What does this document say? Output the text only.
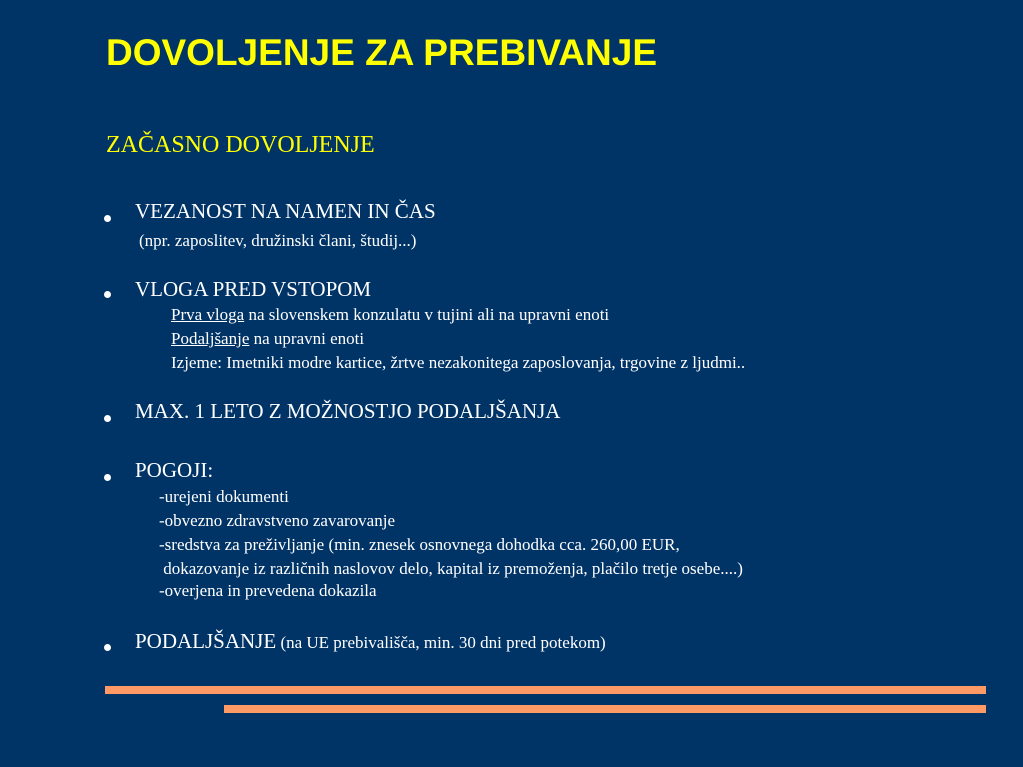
DOVOLJENJE ZA PREBIVANJE
ZAČASNO DOVOLJENJE
VEZANOST NA NAMEN IN ČAS
(npr. zaposlitev, družinski člani, študij...)
VLOGA PRED VSTOPOM
Prva vloga na slovenskem konzulatu v tujini ali na upravni enoti
Podaljšanje na upravni enoti
Izjeme: Imetniki modre kartice, žrtve nezakonitega zaposlovanja, trgovine z ljudmi..
MAX. 1 LETO Z MOŽNOSTJO PODALJŠANJA
POGOJI:
-urejeni dokumenti
-obvezno zdravstveno zavarovanje
-sredstva za preživljanje (min. znesek osnovnega dohodka cca. 260,00 EUR,
dokazovanje iz različnih naslovov delo, kapital iz premoženja, plačilo tretje osebe....)
-overjena in prevedena dokazila
PODALJŠANJE (na UE prebivališča, min. 30 dni pred potekom)
